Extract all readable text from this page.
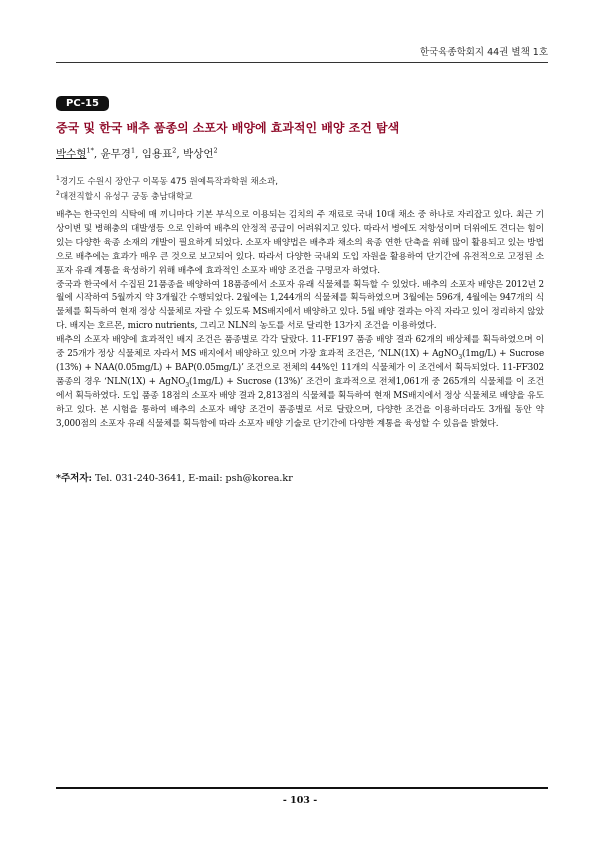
한국육종학회지 44권 별책 1호
PC-15
중국 및 한국 배추 품종의 소포자 배양에 효과적인 배양 조건 탐색
박수형$^{1*}$, 윤무경$^1$, 임용표$^2$, 박상언$^2$
$^1$경기도 수원시 장안구 이목동 475 원예특작과학원 채소과,
$^2$대전직할시 유성구 궁동 충남대학교

배추는 한국인의 식탁에 매 끼니마다 기본 부식으로 이용되는 김치의 주 재료로 국내 10대 채소 중 하나로 자리잡고 있다. 최근 기상이변 및 병해충의 대발생등 으로 인하여 배추의 안정적 공급이 어려워지고 있다. 따라서 병에도 저항성이며 더위에도 견디는 힘이 있는 다양한 육종 소재의 개발이 필요하게 되었다. 소포자 배양법은 배추과 채소의 육종 연한 단축을 위해 많이 활용되고 있는 방법으로 배추에는 효과가 매우 큰 것으로 보고되어 있다. 따라서 다양한 국내외 도입 자원을 활용하여 단기간에 유전적으로 고정된 소포자 유래 계통을 육성하기 위해 배추에 효과적인 소포자 배양 조건을 구명코자 하였다.

중국과 한국에서 수집된 21품종을 배양하여 18품종에서 소포자 유래 식물체를 획득할 수 있었다. 배추의 소포자 배양은 2012년 2월에 시작하여 5월까지 약 3개월간 수행되었다. 2월에는 1,244개의 식물체를 획득하였으며 3월에는 596개, 4월에는 947개의 식물체를 획득하여 현재 정상 식물체로 자랄 수 있도록 MS배지에서 배양하고 있다. 5월 배양 결과는 아직 자라고 있어 정리하지 않았다. 배지는 호르몬, micro nutrients, 그리고 NLN의 농도를 서로 달리한 13가지 조건을 이용하였다.

배추의 소포자 배양에 효과적인 배지 조건은 품종별로 각각 달랐다. 11-FF197 품종 배양 결과 62개의 배상체를 획득하였으며 이 중 25개가 정상 식물체로 자라서 MS 배지에서 배양하고 있으며 가장 효과적 조건은, ‘NLN(1X) + AgNO$_3$(1mg/L) + Sucrose (13%) + NAA(0.05mg/L) + BAP(0.05mg/L)’ 조건으로 전체의 44%인 11개의 식물체가 이 조건에서 획득되었다. 11-FF302 품종의 경우 ‘NLN(1X) + AgNO$_3$(1mg/L) + Sucrose (13%)’ 조건이 효과적으로 전체1,061개 중 265개의 식물체를 이 조건에서 획득하였다. 도입 품종 18점의 소포자 배양 결과 2,813점의 식물체를 획득하여 현재 MS배지에서 정상 식물체로 배양을 유도하고 있다. 본 시험을 통하여 배추의 소포자 배양 조건이 품종별로 서로 달랐으며, 다양한 조건을 이용하더라도 3개월 동안 약3,000점의 소포자 유래 식물체를 획득함에 따라 소포자 배양 기술로 단기간에 다양한 계통을 육성할 수 있음을 밝혔다.

*주저자: Tel. 031-240-3641, E-mail: psh@korea.kr
- 103 -
